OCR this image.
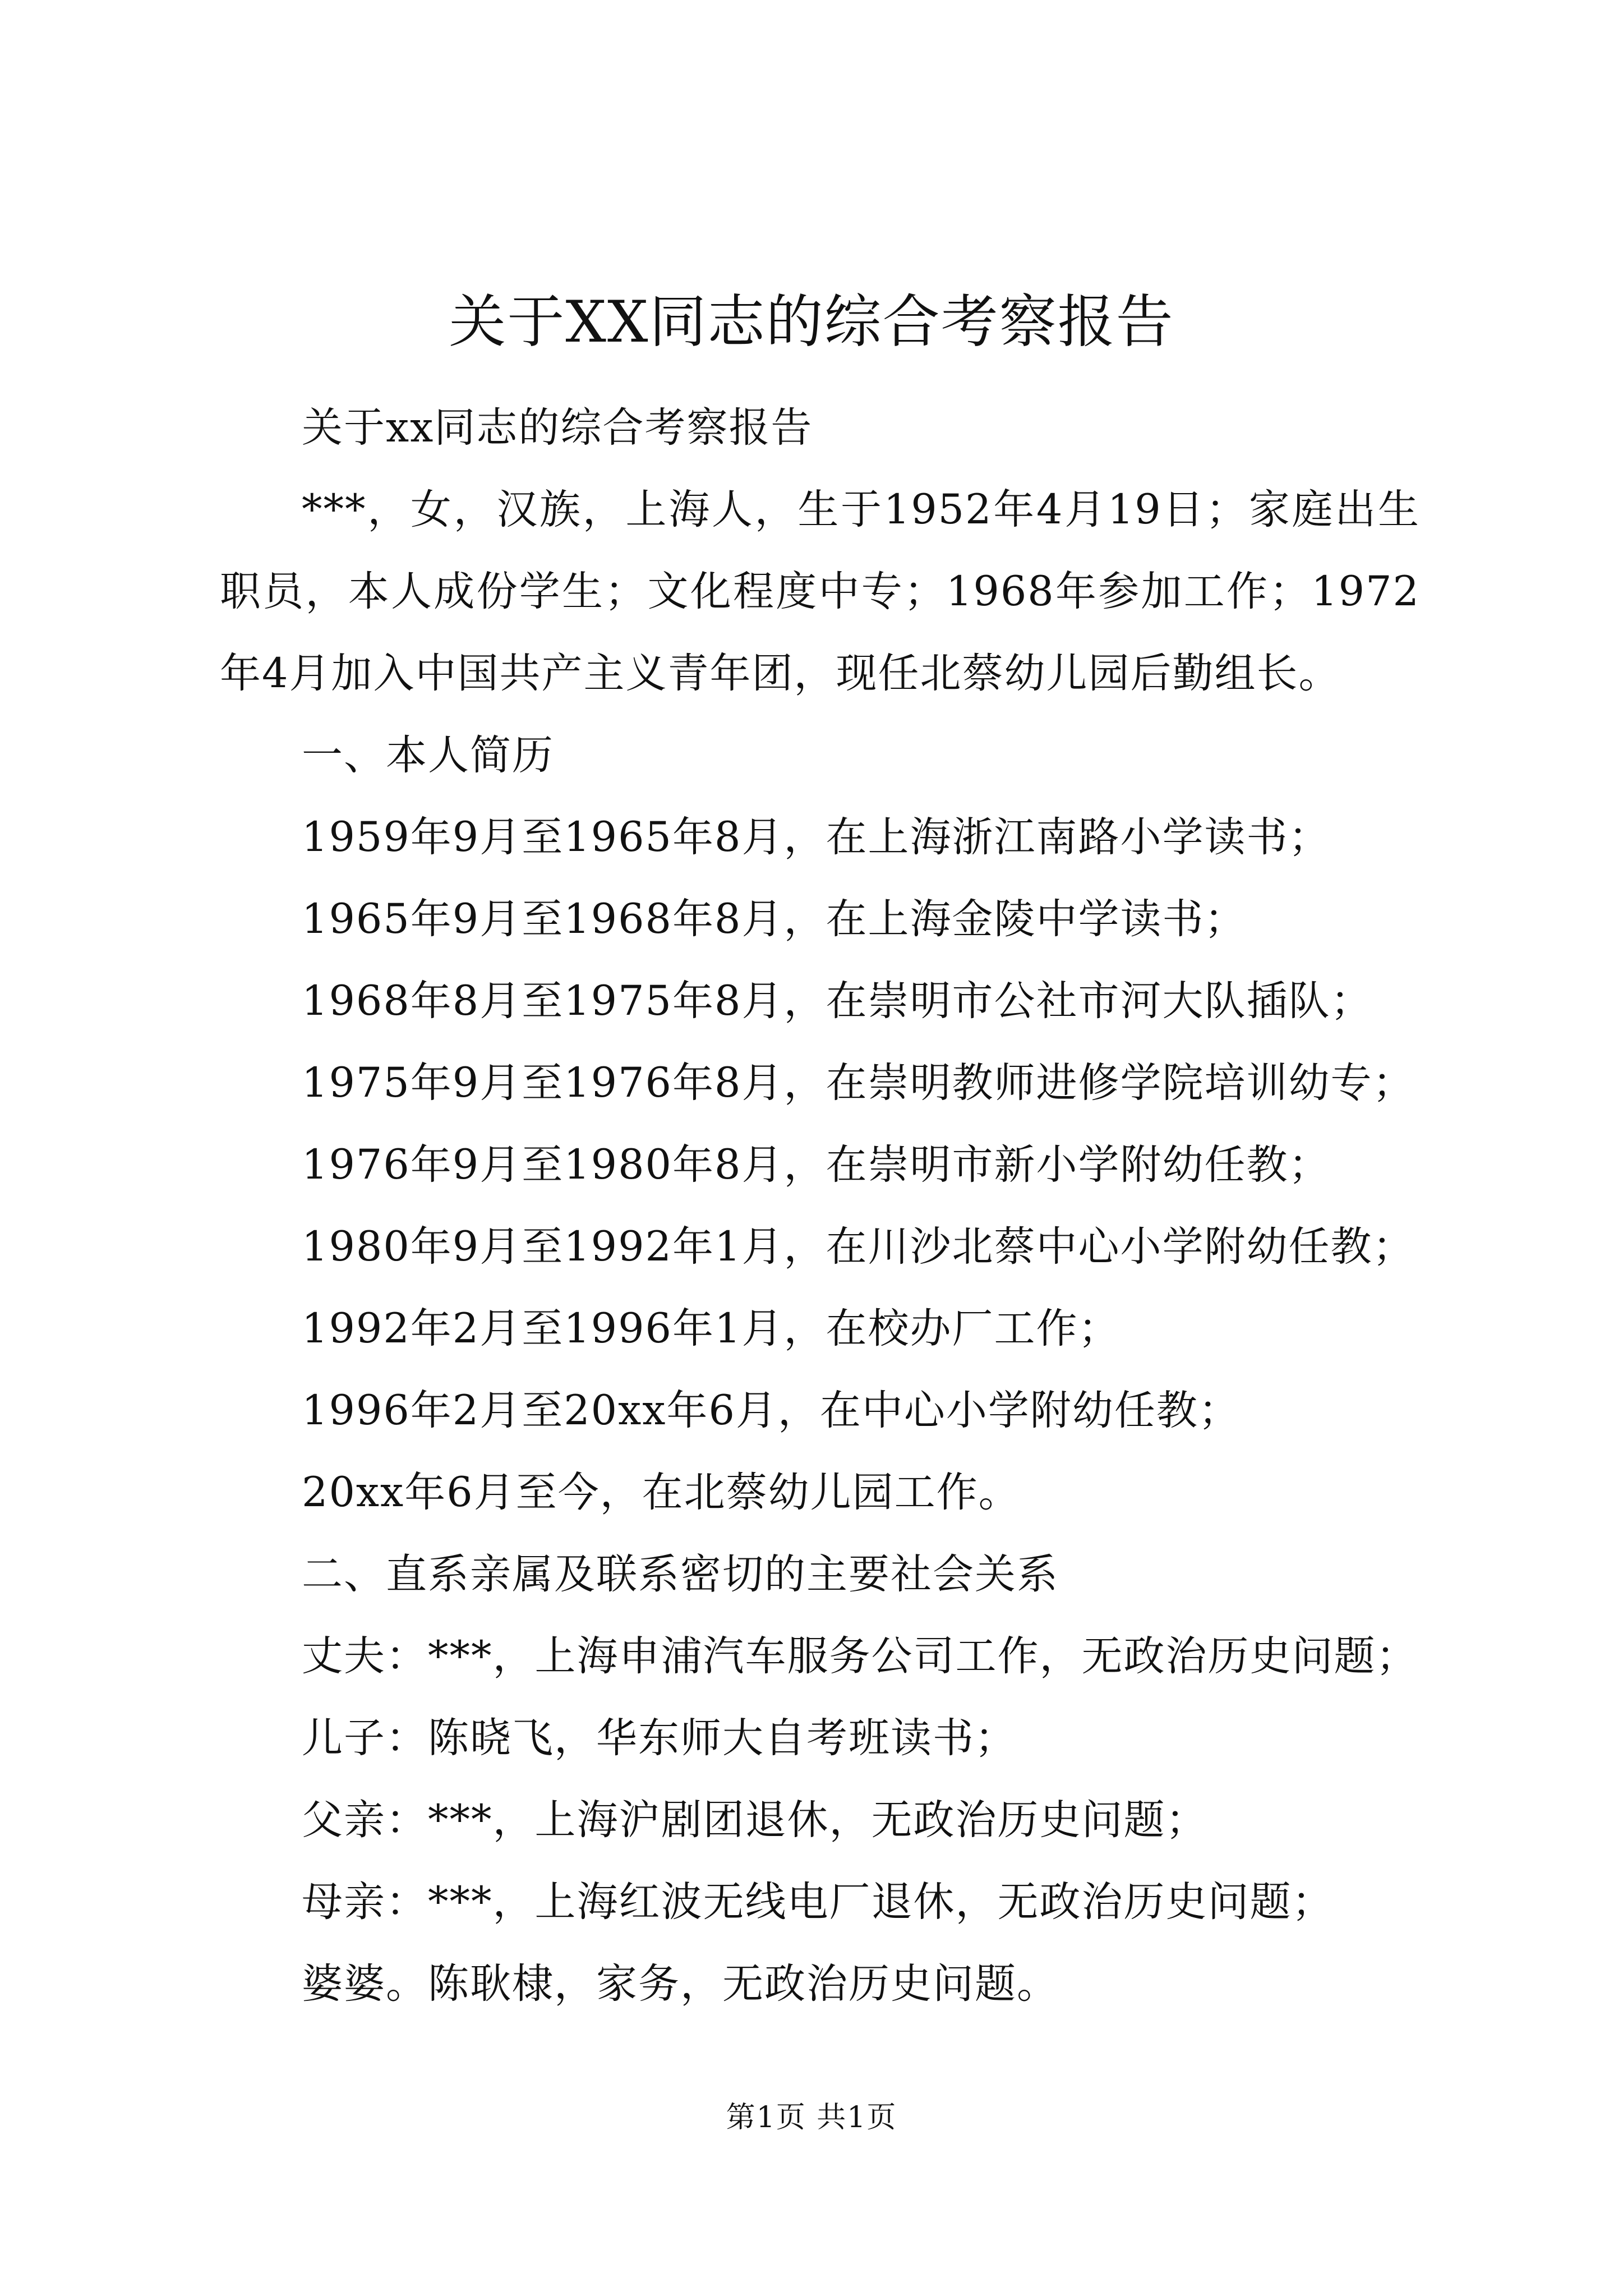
关于XX同志的综合考察报告

关于xx同志的综合考察报告

***，女，汉族，上海人，生于1952年4月19日；家庭出生职员，本人成份学生；文化程度中专；1968年参加工作；1972年4月加入中国共产主义青年团，现任北蔡幼儿园后勤组长。

一、本人简历

1959年9月至1965年8月，在上海浙江南路小学读书；

1965年9月至1968年8月，在上海金陵中学读书；

1968年8月至1975年8月，在崇明市公社市河大队插队；

1975年9月至1976年8月，在崇明教师进修学院培训幼专；

1976年9月至1980年8月，在崇明市新小学附幼任教；

1980年9月至1992年1月，在川沙北蔡中心小学附幼任教；

1992年2月至1996年1月，在校办厂工作；

1996年2月至20xx年6月，在中心小学附幼任教；

20xx年6月至今，在北蔡幼儿园工作。

二、直系亲属及联系密切的主要社会关系

丈夫：***，上海申浦汽车服务公司工作，无政治历史问题；

儿子：陈晓飞，华东师大自考班读书；

父亲：***，上海沪剧团退休，无政治历史问题；

母亲：***，上海红波无线电厂退休，无政治历史问题；

婆婆。陈耿棣，家务，无政治历史问题。

第1页 共1页
